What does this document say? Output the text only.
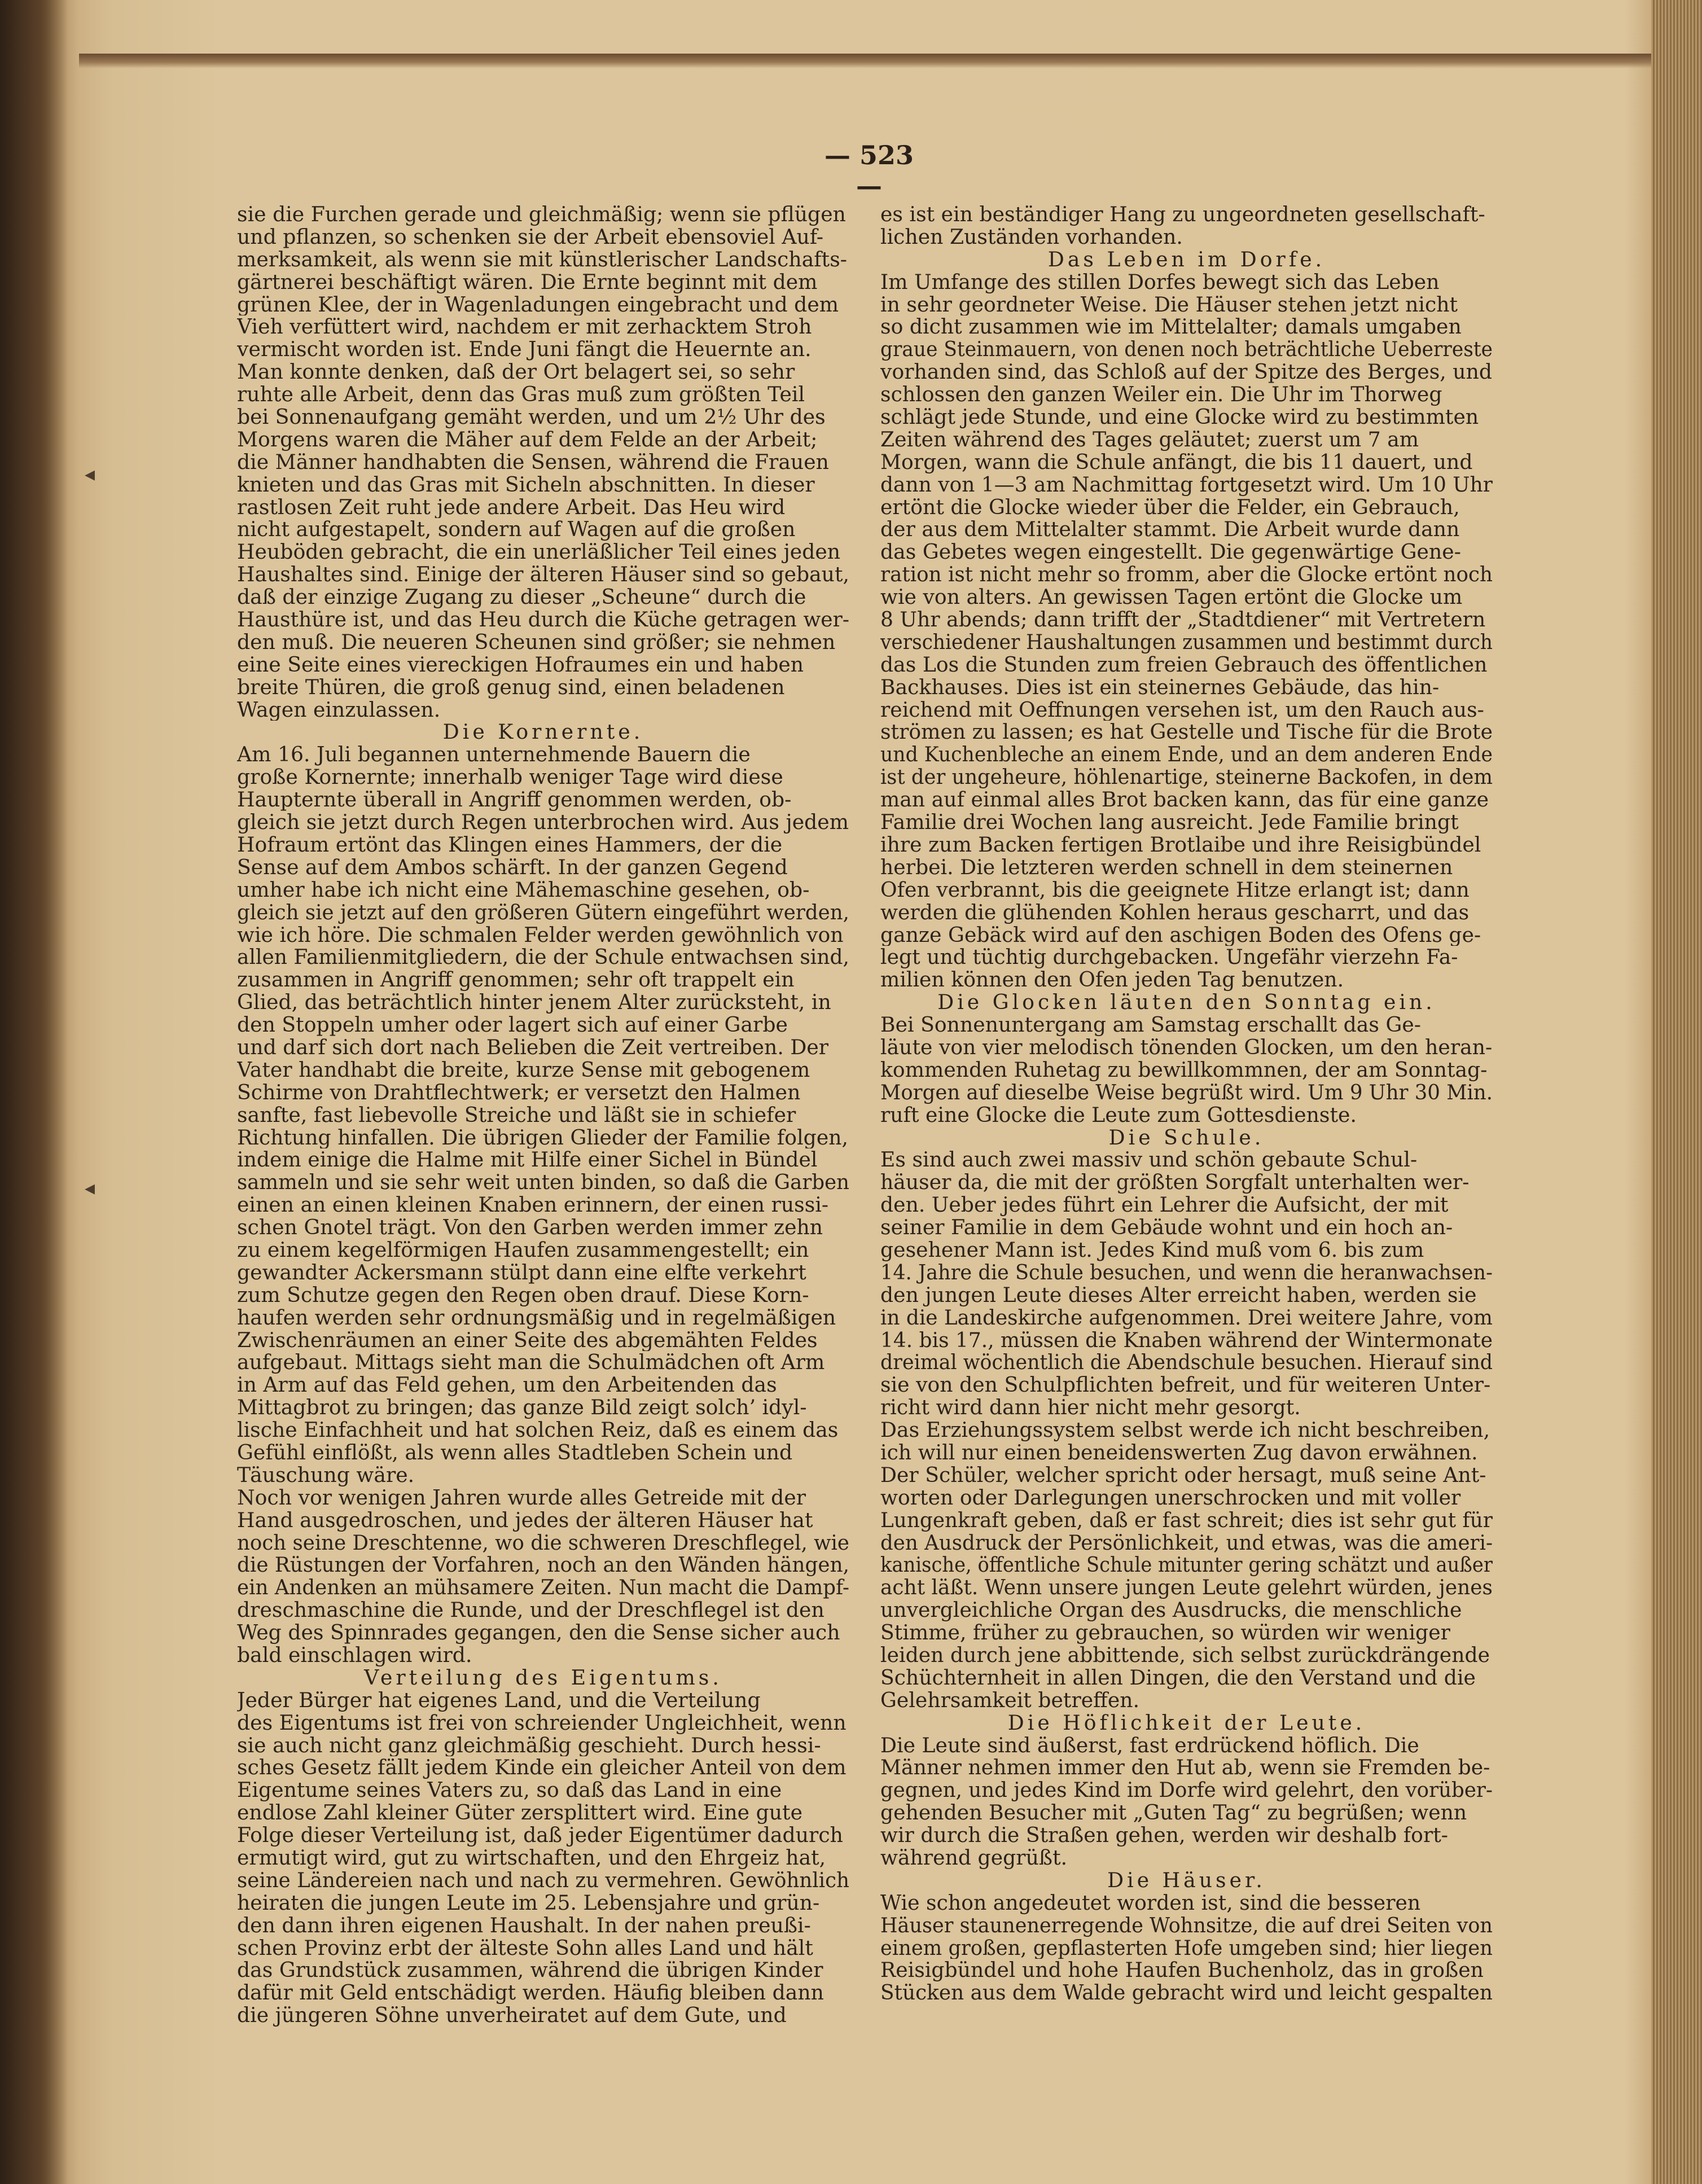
— 523 —
sie die Furchen gerade und gleichmäßig; wenn sie pflügen
und pflanzen, so schenken sie der Arbeit ebensoviel Auf-
merksamkeit, als wenn sie mit künstlerischer Landschafts-
gärtnerei beschäftigt wären. Die Ernte beginnt mit dem
grünen Klee, der in Wagenladungen eingebracht und dem
Vieh verfüttert wird, nachdem er mit zerhacktem Stroh
vermischt worden ist. Ende Juni fängt die Heuernte an.
Man konnte denken, daß der Ort belagert sei, so sehr
ruhte alle Arbeit, denn das Gras muß zum größten Teil
bei Sonnenaufgang gemäht werden, und um 2½ Uhr des
Morgens waren die Mäher auf dem Felde an der Arbeit;
die Männer handhabten die Sensen, während die Frauen
knieten und das Gras mit Sicheln abschnitten. In dieser
rastlosen Zeit ruht jede andere Arbeit. Das Heu wird
nicht aufgestapelt, sondern auf Wagen auf die großen
Heuböden gebracht, die ein unerläßlicher Teil eines jeden
Haushaltes sind. Einige der älteren Häuser sind so gebaut,
daß der einzige Zugang zu dieser „Scheune“ durch die
Hausthüre ist, und das Heu durch die Küche getragen wer-
den muß. Die neueren Scheunen sind größer; sie nehmen
eine Seite eines viereckigen Hofraumes ein und haben
breite Thüren, die groß genug sind, einen beladenen
Wagen einzulassen.
Die Kornernte.
Am 16. Juli begannen unternehmende Bauern die
große Kornernte; innerhalb weniger Tage wird diese
Haupternte überall in Angriff genommen werden, ob-
gleich sie jetzt durch Regen unterbrochen wird. Aus jedem
Hofraum ertönt das Klingen eines Hammers, der die
Sense auf dem Ambos schärft. In der ganzen Gegend
umher habe ich nicht eine Mähemaschine gesehen, ob-
gleich sie jetzt auf den größeren Gütern eingeführt werden,
wie ich höre. Die schmalen Felder werden gewöhnlich von
allen Familienmitgliedern, die der Schule entwachsen sind,
zusammen in Angriff genommen; sehr oft trappelt ein
Glied, das beträchtlich hinter jenem Alter zurücksteht, in
den Stoppeln umher oder lagert sich auf einer Garbe
und darf sich dort nach Belieben die Zeit vertreiben. Der
Vater handhabt die breite, kurze Sense mit gebogenem
Schirme von Drahtflechtwerk; er versetzt den Halmen
sanfte, fast liebevolle Streiche und läßt sie in schiefer
Richtung hinfallen. Die übrigen Glieder der Familie folgen,
indem einige die Halme mit Hilfe einer Sichel in Bündel
sammeln und sie sehr weit unten binden, so daß die Garben
einen an einen kleinen Knaben erinnern, der einen russi-
schen Gnotel trägt. Von den Garben werden immer zehn
zu einem kegelförmigen Haufen zusammengestellt; ein
gewandter Ackersmann stülpt dann eine elfte verkehrt
zum Schutze gegen den Regen oben drauf. Diese Korn-
haufen werden sehr ordnungsmäßig und in regelmäßigen
Zwischenräumen an einer Seite des abgemähten Feldes
aufgebaut. Mittags sieht man die Schulmädchen oft Arm
in Arm auf das Feld gehen, um den Arbeitenden das
Mittagbrot zu bringen; das ganze Bild zeigt solch’ idyl-
lische Einfachheit und hat solchen Reiz, daß es einem das
Gefühl einflößt, als wenn alles Stadtleben Schein und
Täuschung wäre.
Noch vor wenigen Jahren wurde alles Getreide mit der
Hand ausgedroschen, und jedes der älteren Häuser hat
noch seine Dreschtenne, wo die schweren Dreschflegel, wie
die Rüstungen der Vorfahren, noch an den Wänden hängen,
ein Andenken an mühsamere Zeiten. Nun macht die Dampf-
dreschmaschine die Runde, und der Dreschflegel ist den
Weg des Spinnrades gegangen, den die Sense sicher auch
bald einschlagen wird.
Verteilung des Eigentums.
Jeder Bürger hat eigenes Land, und die Verteilung
des Eigentums ist frei von schreiender Ungleichheit, wenn
sie auch nicht ganz gleichmäßig geschieht. Durch hessi-
sches Gesetz fällt jedem Kinde ein gleicher Anteil von dem
Eigentume seines Vaters zu, so daß das Land in eine
endlose Zahl kleiner Güter zersplittert wird. Eine gute
Folge dieser Verteilung ist, daß jeder Eigentümer dadurch
ermutigt wird, gut zu wirtschaften, und den Ehrgeiz hat,
seine Ländereien nach und nach zu vermehren. Gewöhnlich
heiraten die jungen Leute im 25. Lebensjahre und grün-
den dann ihren eigenen Haushalt. In der nahen preußi-
schen Provinz erbt der älteste Sohn alles Land und hält
das Grundstück zusammen, während die übrigen Kinder
dafür mit Geld entschädigt werden. Häufig bleiben dann
die jüngeren Söhne unverheiratet auf dem Gute, und
es ist ein beständiger Hang zu ungeordneten gesellschaft-
lichen Zuständen vorhanden.
Das Leben im Dorfe.
Im Umfange des stillen Dorfes bewegt sich das Leben
in sehr geordneter Weise. Die Häuser stehen jetzt nicht
so dicht zusammen wie im Mittelalter; damals umgaben
graue Steinmauern, von denen noch beträchtliche Ueberreste
vorhanden sind, das Schloß auf der Spitze des Berges, und
schlossen den ganzen Weiler ein. Die Uhr im Thorweg
schlägt jede Stunde, und eine Glocke wird zu bestimmten
Zeiten während des Tages geläutet; zuerst um 7 am
Morgen, wann die Schule anfängt, die bis 11 dauert, und
dann von 1—3 am Nachmittag fortgesetzt wird. Um 10 Uhr
ertönt die Glocke wieder über die Felder, ein Gebrauch,
der aus dem Mittelalter stammt. Die Arbeit wurde dann
das Gebetes wegen eingestellt. Die gegenwärtige Gene-
ration ist nicht mehr so fromm, aber die Glocke ertönt noch
wie von alters. An gewissen Tagen ertönt die Glocke um
8 Uhr abends; dann trifft der „Stadtdiener“ mit Vertretern
verschiedener Haushaltungen zusammen und bestimmt durch
das Los die Stunden zum freien Gebrauch des öffentlichen
Backhauses. Dies ist ein steinernes Gebäude, das hin-
reichend mit Oeffnungen versehen ist, um den Rauch aus-
strömen zu lassen; es hat Gestelle und Tische für die Brote
und Kuchenbleche an einem Ende, und an dem anderen Ende
ist der ungeheure, höhlenartige, steinerne Backofen, in dem
man auf einmal alles Brot backen kann, das für eine ganze
Familie drei Wochen lang ausreicht. Jede Familie bringt
ihre zum Backen fertigen Brotlaibe und ihre Reisigbündel
herbei. Die letzteren werden schnell in dem steinernen
Ofen verbrannt, bis die geeignete Hitze erlangt ist; dann
werden die glühenden Kohlen heraus gescharrt, und das
ganze Gebäck wird auf den aschigen Boden des Ofens ge-
legt und tüchtig durchgebacken. Ungefähr vierzehn Fa-
milien können den Ofen jeden Tag benutzen.
Die Glocken läuten den Sonntag ein.
Bei Sonnenuntergang am Samstag erschallt das Ge-
läute von vier melodisch tönenden Glocken, um den heran-
kommenden Ruhetag zu bewillkommnen, der am Sonntag-
Morgen auf dieselbe Weise begrüßt wird. Um 9 Uhr 30 Min.
ruft eine Glocke die Leute zum Gottesdienste.
Die Schule.
Es sind auch zwei massiv und schön gebaute Schul-
häuser da, die mit der größten Sorgfalt unterhalten wer-
den. Ueber jedes führt ein Lehrer die Aufsicht, der mit
seiner Familie in dem Gebäude wohnt und ein hoch an-
gesehener Mann ist. Jedes Kind muß vom 6. bis zum
14. Jahre die Schule besuchen, und wenn die heranwachsen-
den jungen Leute dieses Alter erreicht haben, werden sie
in die Landeskirche aufgenommen. Drei weitere Jahre, vom
14. bis 17., müssen die Knaben während der Wintermonate
dreimal wöchentlich die Abendschule besuchen. Hierauf sind
sie von den Schulpflichten befreit, und für weiteren Unter-
richt wird dann hier nicht mehr gesorgt.
Das Erziehungssystem selbst werde ich nicht beschreiben,
ich will nur einen beneidenswerten Zug davon erwähnen.
Der Schüler, welcher spricht oder hersagt, muß seine Ant-
worten oder Darlegungen unerschrocken und mit voller
Lungenkraft geben, daß er fast schreit; dies ist sehr gut für
den Ausdruck der Persönlichkeit, und etwas, was die ameri-
kanische, öffentliche Schule mitunter gering schätzt und außer
acht läßt. Wenn unsere jungen Leute gelehrt würden, jenes
unvergleichliche Organ des Ausdrucks, die menschliche
Stimme, früher zu gebrauchen, so würden wir weniger
leiden durch jene abbittende, sich selbst zurückdrängende
Schüchternheit in allen Dingen, die den Verstand und die
Gelehrsamkeit betreffen.
Die Höflichkeit der Leute.
Die Leute sind äußerst, fast erdrückend höflich. Die
Männer nehmen immer den Hut ab, wenn sie Fremden be-
gegnen, und jedes Kind im Dorfe wird gelehrt, den vorüber-
gehenden Besucher mit „Guten Tag“ zu begrüßen; wenn
wir durch die Straßen gehen, werden wir deshalb fort-
während gegrüßt.
Die Häuser.
Wie schon angedeutet worden ist, sind die besseren
Häuser staunenerregende Wohnsitze, die auf drei Seiten von
einem großen, gepflasterten Hofe umgeben sind; hier liegen
Reisigbündel und hohe Haufen Buchenholz, das in großen
Stücken aus dem Walde gebracht wird und leicht gespalten
◂
◂
